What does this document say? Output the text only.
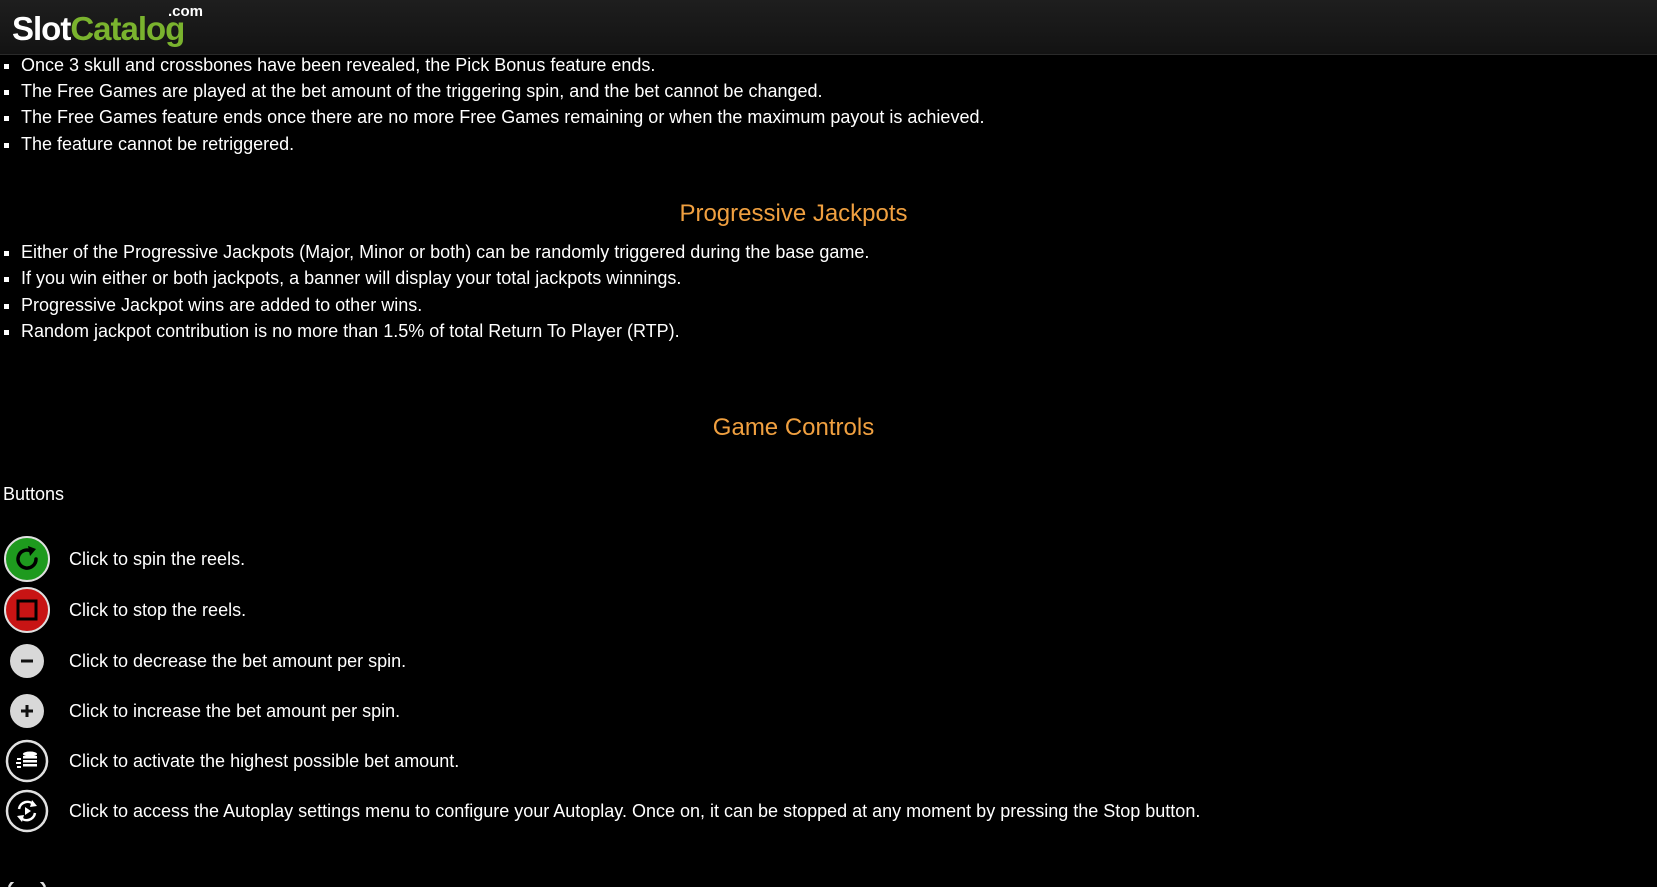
SlotCatalog
.com
Once 3 skull and crossbones have been revealed, the Pick Bonus feature ends.
The Free Games are played at the bet amount of the triggering spin, and the bet cannot be changed.
The Free Games feature ends once there are no more Free Games remaining or when the maximum payout is achieved.
The feature cannot be retriggered.
Progressive Jackpots
Either of the Progressive Jackpots (Major, Minor or both) can be randomly triggered during the base game.
If you win either or both jackpots, a banner will display your total jackpots winnings.
Progressive Jackpot wins are added to other wins.
Random jackpot contribution is no more than 1.5% of total Return To Player (RTP).
Game Controls
Buttons
Click to spin the reels.
Click to stop the reels.
Click to decrease the bet amount per spin.
Click to increase the bet amount per spin.
Click to activate the highest possible bet amount.
Click to access the Autoplay settings menu to configure your Autoplay. Once on, it can be stopped at any moment by pressing the Stop button.
